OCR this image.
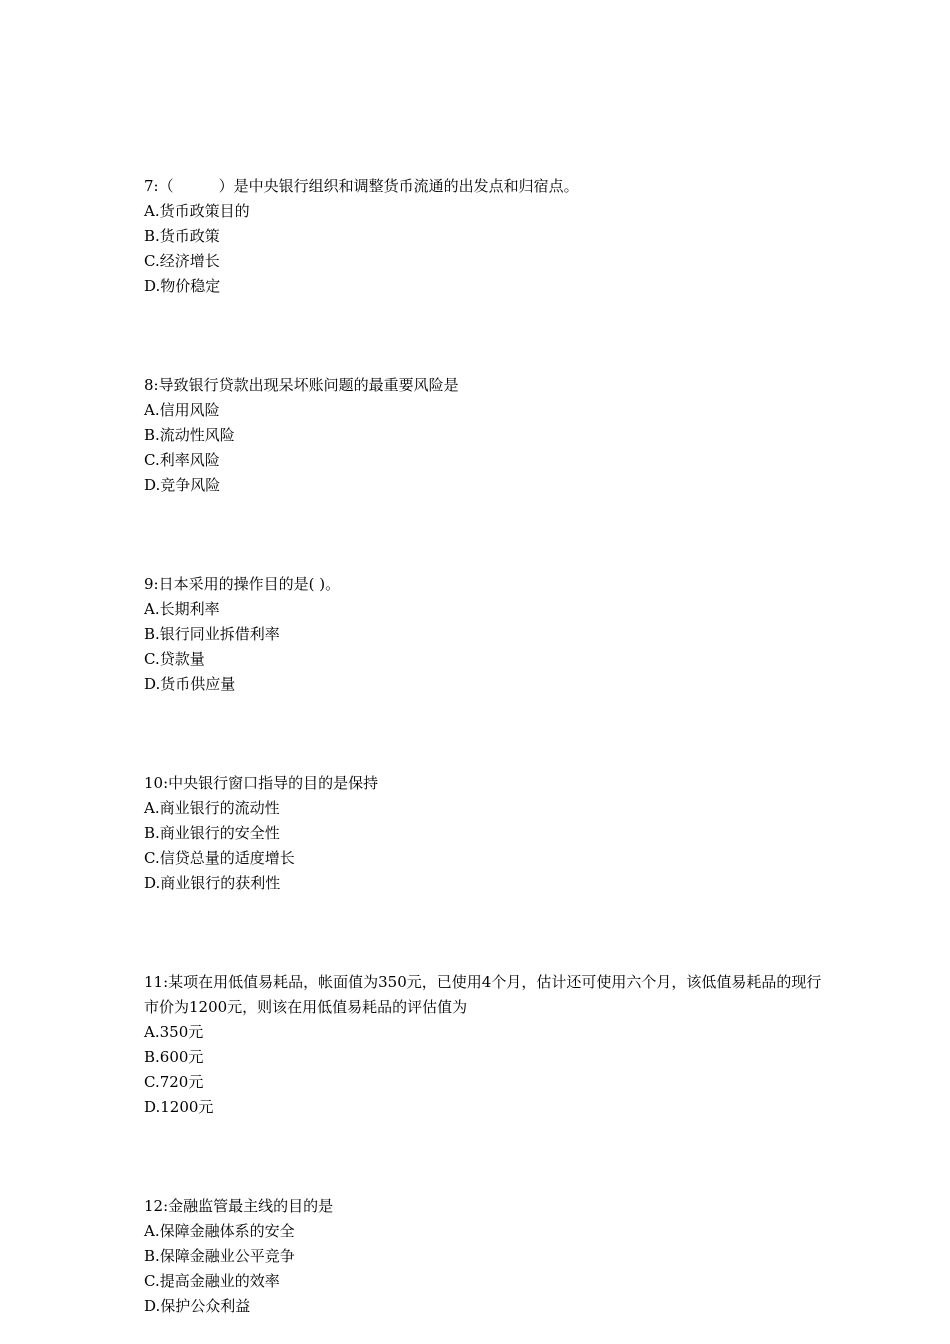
7:（　　　）是中央银行组织和调整货币流通的出发点和归宿点。

A.货币政策目的

B.货币政策

C.经济增长

D.物价稳定

8:导致银行贷款出现呆坏账问题的最重要风险是

A.信用风险

B.流动性风险

C.利率风险

D.竞争风险

9:日本采用的操作目的是( )。

A.长期利率

B.银行同业拆借利率

C.贷款量

D.货币供应量

10:中央银行窗口指导的目的是保持

A.商业银行的流动性

B.商业银行的安全性

C.信贷总量的适度增长

D.商业银行的获利性

11:某项在用低值易耗品，帐面值为350元，已使用4个月，估计还可使用六个月，该低值易耗品的现行市价为1200元，则该在用低值易耗品的评估值为

A.350元

B.600元

C.720元

D.1200元

12:金融监管最主线的目的是

A.保障金融体系的安全

B.保障金融业公平竞争

C.提高金融业的效率

D.保护公众利益
